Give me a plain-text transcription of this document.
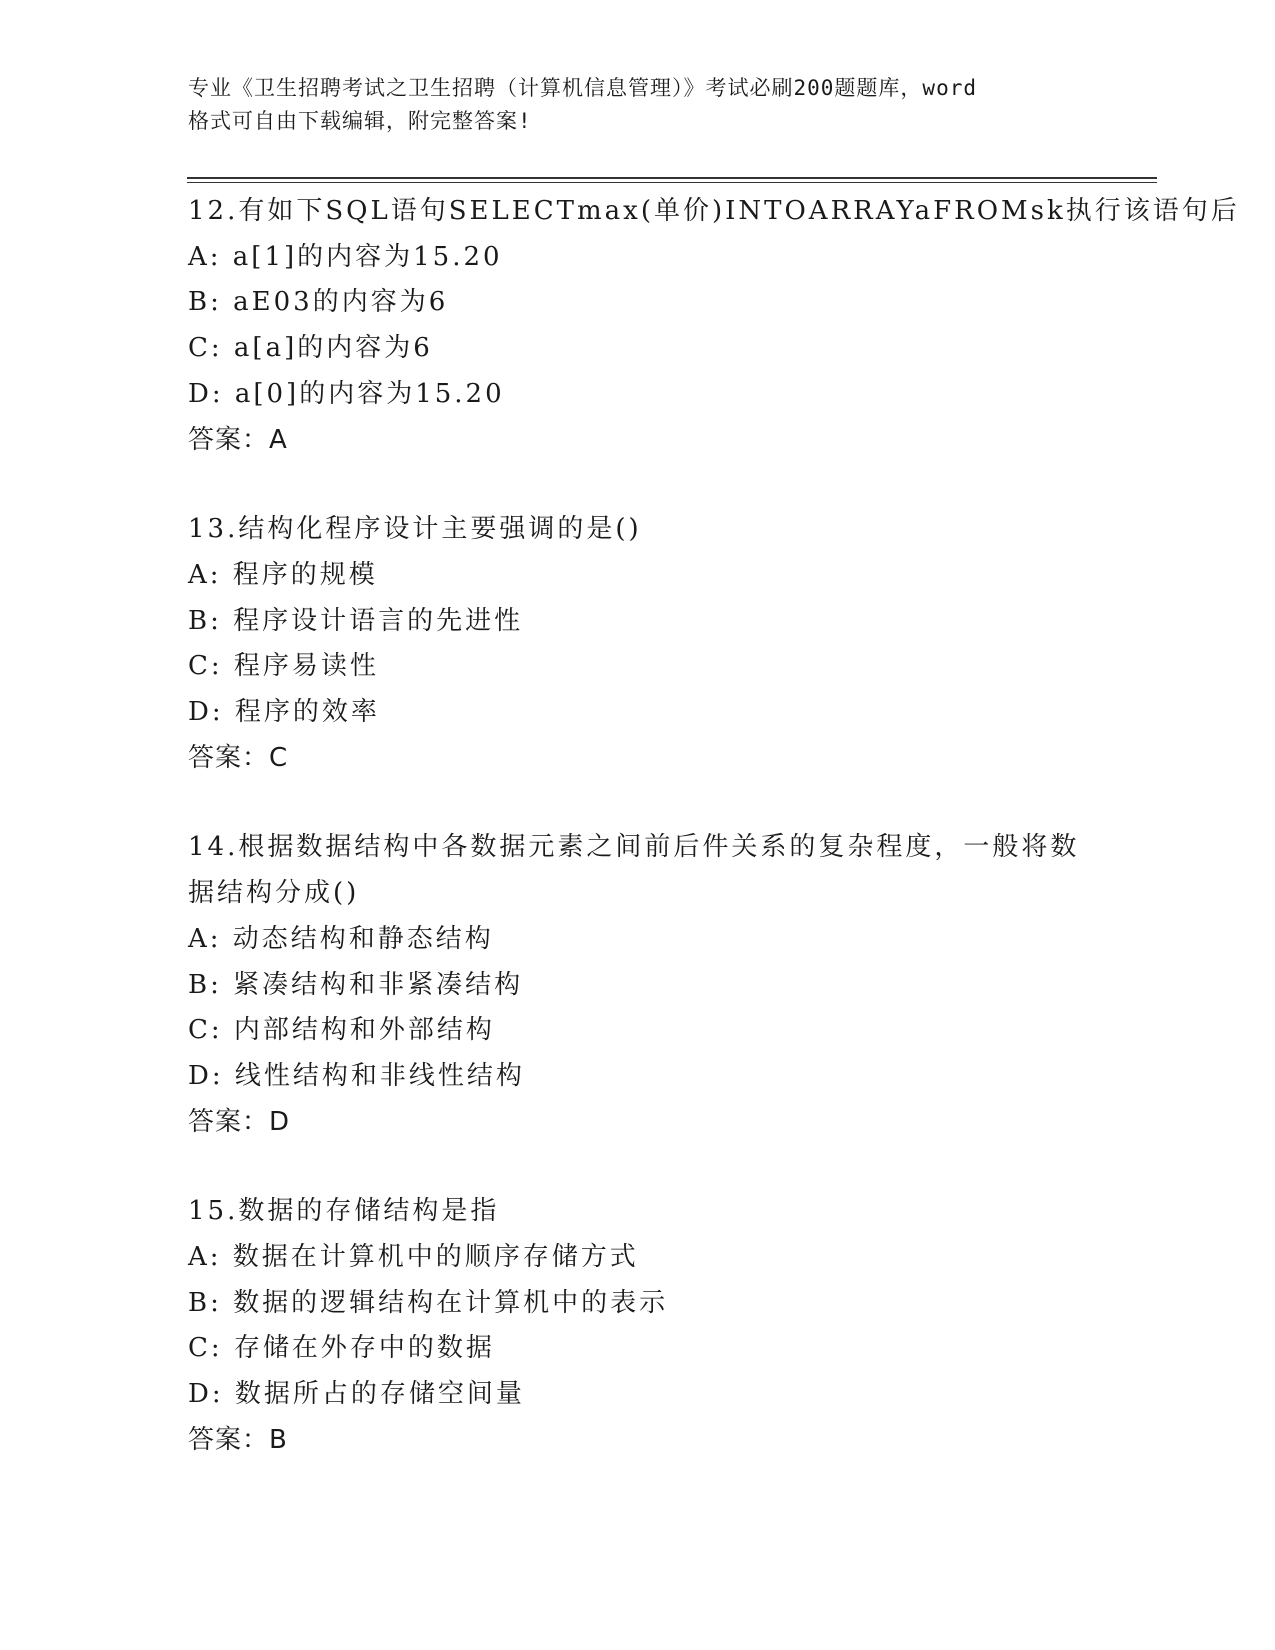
专业《卫生招聘考试之卫生招聘（计算机信息管理）》考试必刷200题题库，word
格式可自由下载编辑，附完整答案!
12.有如下SQL语句SELECTmax(单价)INTOARRAYaFROMsk执行该语句后
A: a[1]的内容为15.20
B: aE03的内容为6
C: a[a]的内容为6
D: a[0]的内容为15.20
答案：A
13.结构化程序设计主要强调的是()
A: 程序的规模
B: 程序设计语言的先进性
C: 程序易读性
D: 程序的效率
答案：C
14.根据数据结构中各数据元素之间前后件关系的复杂程度，一般将数
据结构分成()
A: 动态结构和静态结构
B: 紧凑结构和非紧凑结构
C: 内部结构和外部结构
D: 线性结构和非线性结构
答案：D
15.数据的存储结构是指
A: 数据在计算机中的顺序存储方式
B: 数据的逻辑结构在计算机中的表示
C: 存储在外存中的数据
D: 数据所占的存储空间量
答案：B
